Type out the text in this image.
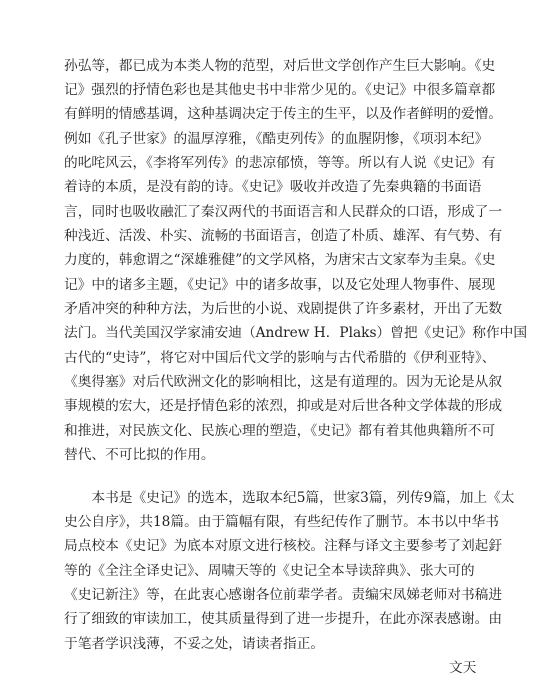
孙弘等，都已成为本类人物的范型，对后世文学创作产生巨大影响。《史
记》强烈的抒情色彩也是其他史书中非常少见的。《史记》中很多篇章都
有鲜明的情感基调，这种基调决定于传主的生平，以及作者鲜明的爱憎。
例如《孔子世家》的温厚淳雅，《酷吏列传》的血腥阴惨，《项羽本纪》
的叱咤风云，《李将军列传》的悲凉郁愤，等等。所以有人说《史记》有
着诗的本质，是没有韵的诗。《史记》吸收并改造了先秦典籍的书面语
言，同时也吸收融汇了秦汉两代的书面语言和人民群众的口语，形成了一
种浅近、活泼、朴实、流畅的书面语言，创造了朴质、雄浑、有气势、有
力度的，韩愈谓之“深雄雅健”的文学风格，为唐宋古文家奉为圭臬。《史
记》中的诸多主题，《史记》中的诸多故事，以及它处理人物事件、展现
矛盾冲突的种种方法，为后世的小说、戏剧提供了许多素材，开出了无数
法门。当代美国汉学家浦安迪（Andrew H．Plaks）曾把《史记》称作中国
古代的“史诗”，将它对中国后代文学的影响与古代希腊的《伊利亚特》、
《奥得塞》对后代欧洲文化的影响相比，这是有道理的。因为无论是从叙
事规模的宏大，还是抒情色彩的浓烈，抑或是对后世各种文学体裁的形成
和推进，对民族文化、民族心理的塑造，《史记》都有着其他典籍所不可
替代、不可比拟的作用。
　　本书是《史记》的选本，选取本纪5篇，世家3篇，列传9篇，加上《太
史公自序》，共18篇。由于篇幅有限，有些纪传作了删节。本书以中华书
局点校本《史记》为底本对原文进行核校。注释与译文主要参考了刘起釪
等的《全注全译史记》、周啸天等的《史记全本导读辞典》、张大可的
《史记新注》等，在此衷心感谢各位前辈学者。责编宋凤娣老师对书稿进
行了细致的审读加工，使其质量得到了进一步提升，在此亦深表感谢。由
于笔者学识浅薄，不妥之处，请读者指正。
文天
